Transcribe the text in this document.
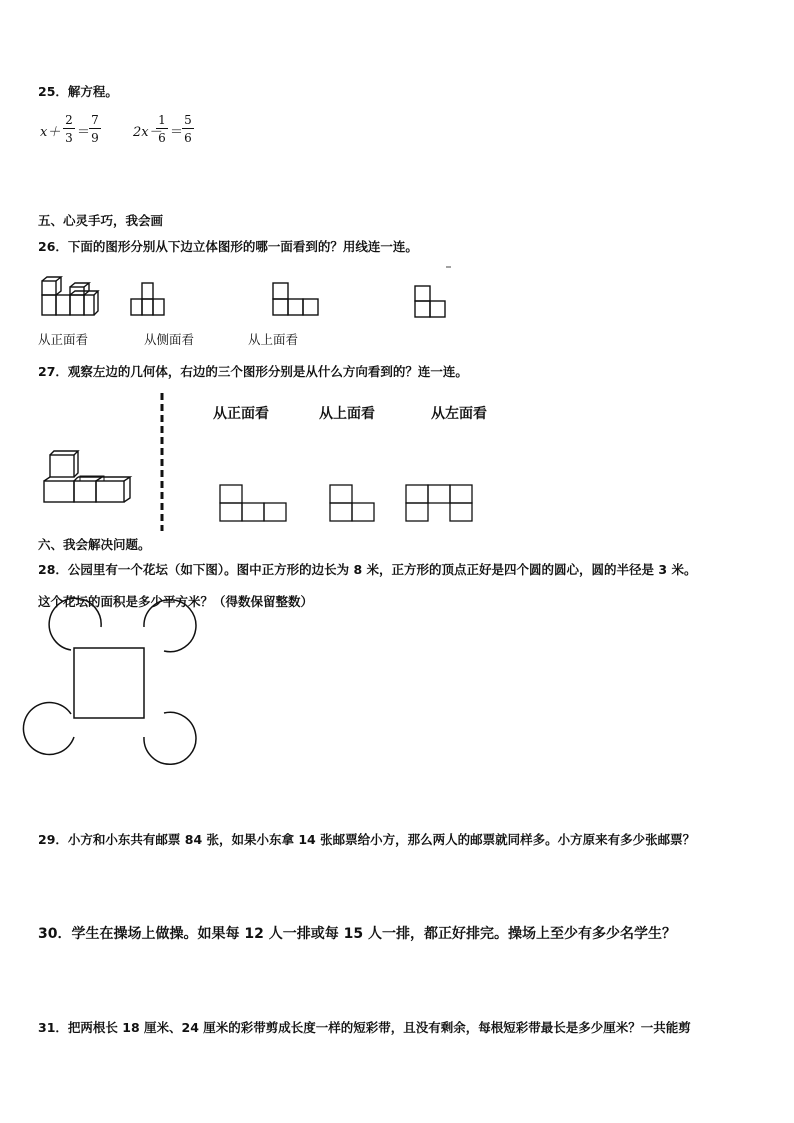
25．解方程。
$x+ \frac{2}{3}$ ＝
$\frac{7}{9} 2x-$
$\frac{1}{6}$ ＝
$\frac{5}{6}$
五、心灵手巧，我会画
26．下面的图形分别从下边立体图形的哪一面看到的？用线连一连。
从正面看	从侧面看	从上面看
27．观察左边的几何体，右边的三个图形分别是从什么方向看到的？连一连。
从正面看	从上面看	从左面看
六、我会解决问题。
28．公园里有一个花坛（如下图）。图中正方形的边长为 8 米，正方形的顶点正好是四个圆的圆心，圆的半径是 3 米。
这个花坛的面积是多少平方米？（得数保留整数）
29．小方和小东共有邮票 84 张，如果小东拿 14 张邮票给小方，那么两人的邮票就同样多。小方原来有多少张邮票？
30．学生在操场上做操。如果每 12 人一排或每 15 人一排，都正好排完。操场上至少有多少名学生？
31．把两根长 18 厘米、24 厘米的彩带剪成长度一样的短彩带，且没有剩余，每根短彩带最长是多少厘米？一共能剪
